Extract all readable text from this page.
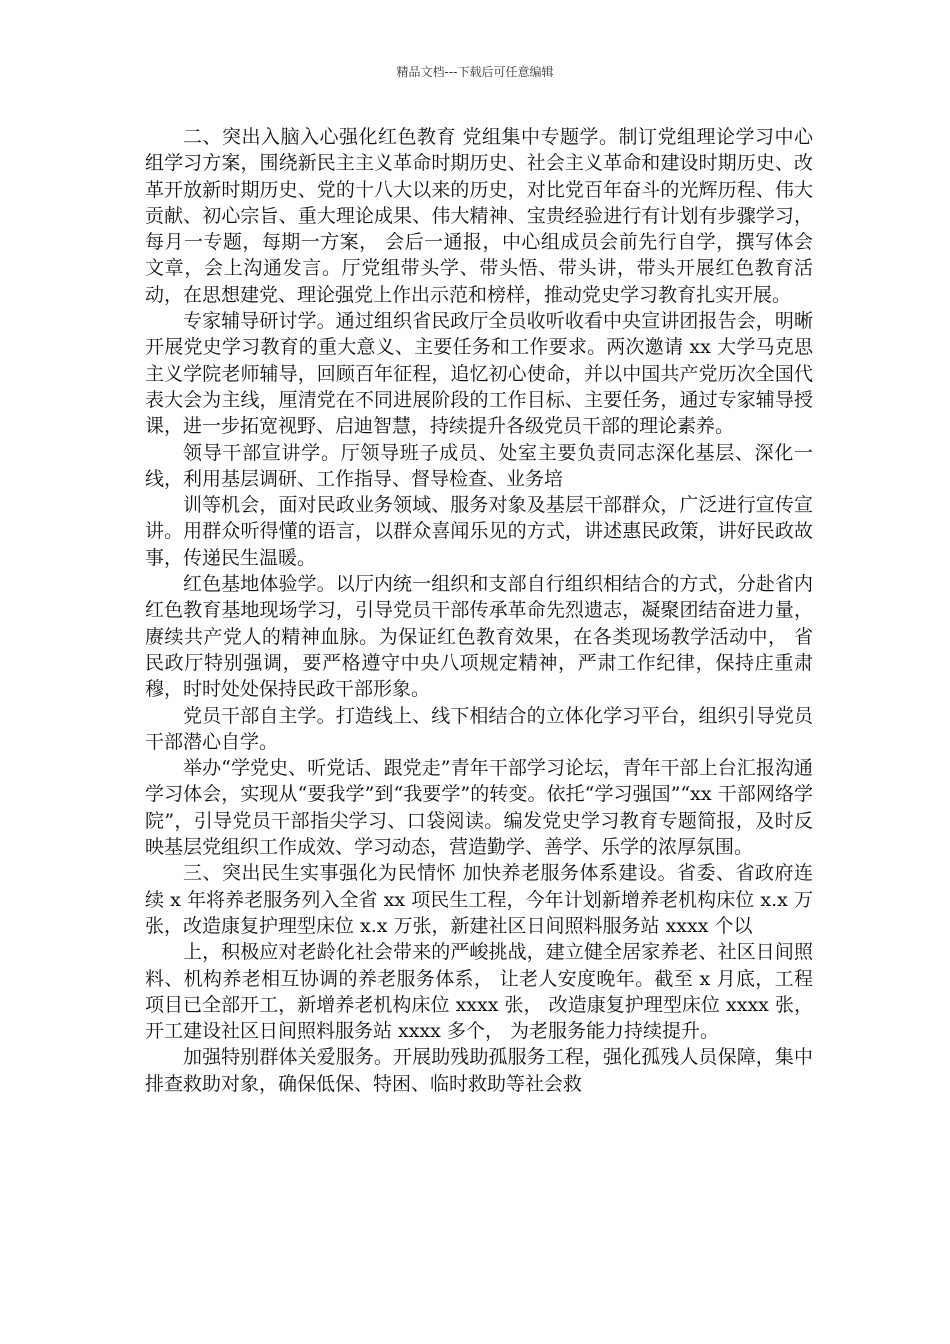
精品文档---下载后可任意编辑

二、突出入脑入心强化红色教育 党组集中专题学。制订党组理论学习中心组学习方案，围绕新民主主义革命时期历史、社会主义革命和建设时期历史、改革开放新时期历史、党的十八大以来的历史，对比党百年奋斗的光辉历程、伟大贡献、初心宗旨、重大理论成果、伟大精神、宝贵经验进行有计划有步骤学习，每月一专题，每期一方案， 会后一通报，中心组成员会前先行自学，撰写体会文章，会上沟通发言。厅党组带头学、带头悟、带头讲，带头开展红色教育活动，在思想建党、理论强党上作出示范和榜样，推动党史学习教育扎实开展。

专家辅导研讨学。通过组织省民政厅全员收听收看中央宣讲团报告会，明晰开展党史学习教育的重大意义、主要任务和工作要求。两次邀请 xx 大学马克思主义学院老师辅导，回顾百年征程，追忆初心使命，并以中国共产党历次全国代表大会为主线，厘清党在不同进展阶段的工作目标、主要任务，通过专家辅导授课，进一步拓宽视野、启迪智慧，持续提升各级党员干部的理论素养。

领导干部宣讲学。厅领导班子成员、处室主要负责同志深化基层、深化一线，利用基层调研、工作指导、督导检查、业务培

训等机会，面对民政业务领域、服务对象及基层干部群众，广泛进行宣传宣讲。用群众听得懂的语言，以群众喜闻乐见的方式，讲述惠民政策，讲好民政故事，传递民生温暖。

红色基地体验学。以厅内统一组织和支部自行组织相结合的方式，分赴省内红色教育基地现场学习，引导党员干部传承革命先烈遗志，凝聚团结奋进力量，赓续共产党人的精神血脉。为保证红色教育效果，在各类现场教学活动中， 省民政厅特别强调，要严格遵守中央八项规定精神，严肃工作纪律，保持庄重肃穆，时时处处保持民政干部形象。

党员干部自主学。打造线上、线下相结合的立体化学习平台，组织引导党员干部潜心自学。

举办“学党史、听党话、跟党走”青年干部学习论坛，青年干部上台汇报沟通学习体会，实现从“要我学”到“我要学”的转变。依托“学习强国”“xx 干部网络学院”，引导党员干部指尖学习、口袋阅读。编发党史学习教育专题简报，及时反映基层党组织工作成效、学习动态，营造勤学、善学、乐学的浓厚氛围。

三、突出民生实事强化为民情怀 加快养老服务体系建设。省委、省政府连续 x 年将养老服务列入全省 xx 项民生工程，今年计划新增养老机构床位 x.x 万张，改造康复护理型床位 x.x 万张，新建社区日间照料服务站 xxxx 个以

上，积极应对老龄化社会带来的严峻挑战，建立健全居家养老、社区日间照料、机构养老相互协调的养老服务体系， 让老人安度晚年。截至 x 月底，工程项目已全部开工，新增养老机构床位 xxxx 张， 改造康复护理型床位 xxxx 张，开工建设社区日间照料服务站 xxxx 多个， 为老服务能力持续提升。

加强特别群体关爱服务。开展助残助孤服务工程，强化孤残人员保障，集中排查救助对象，确保低保、特困、临时救助等社会救
